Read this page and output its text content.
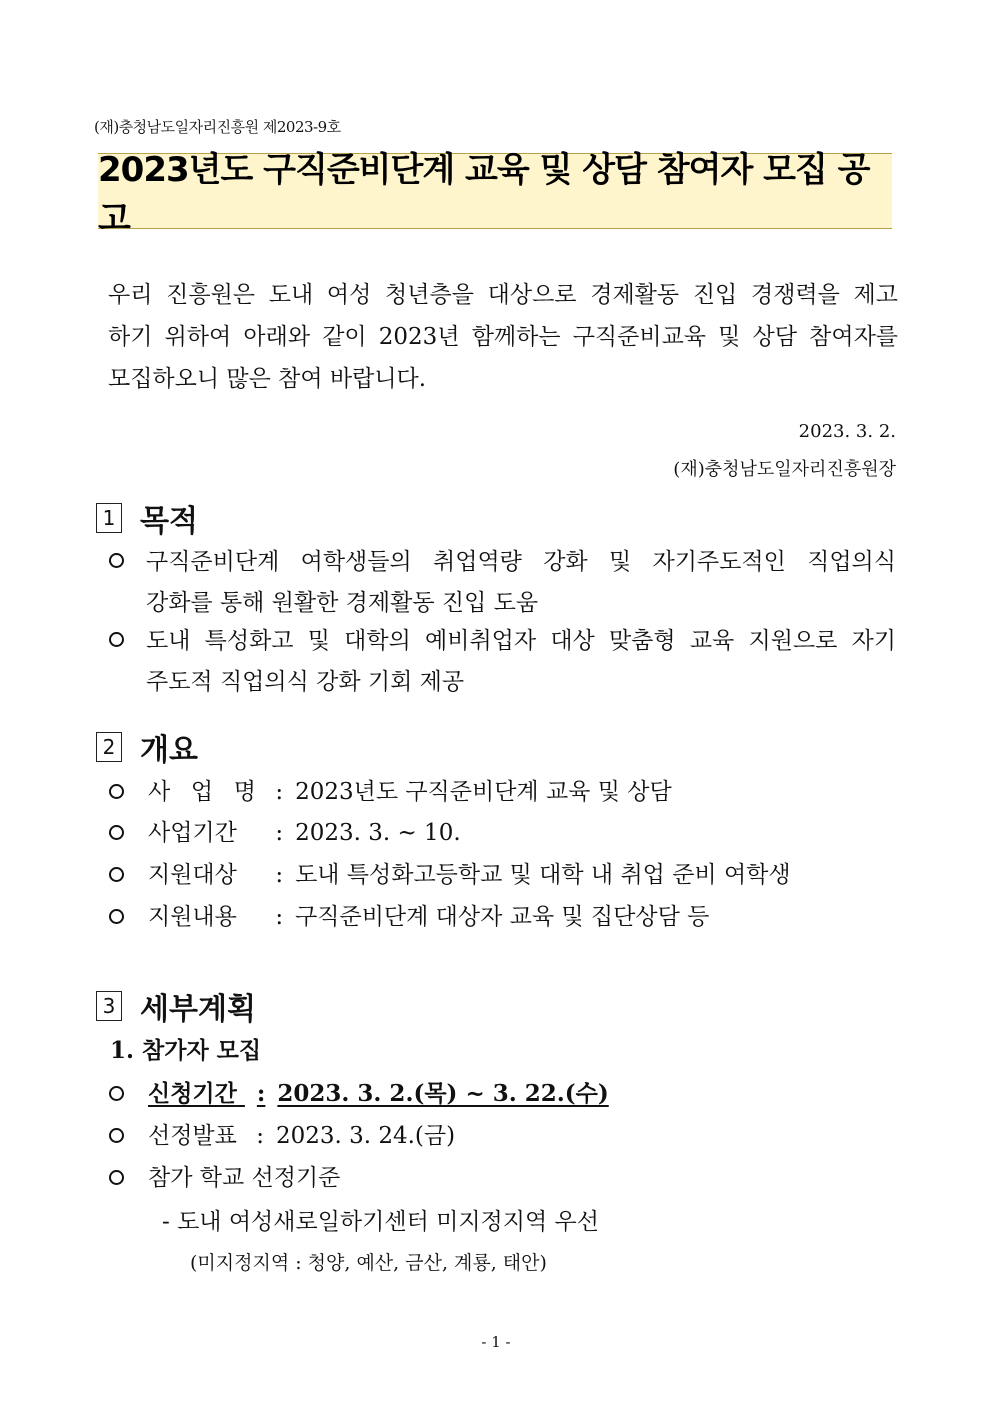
(재)충청남도일자리진흥원 제2023-9호
2023년도 구직준비단계 교육 및 상담 참여자 모집 공고
우리 진흥원은 도내 여성 청년층을 대상으로 경제활동 진입 경쟁력을 제고
하기 위하여 아래와 같이 2023년 함께하는 구직준비교육 및 상담 참여자를
모집하오니 많은 참여 바랍니다.
2023. 3. 2.
(재)충청남도일자리진흥원장
1 목적
구직준비단계 여학생들의 취업역량 강화 및 자기주도적인 직업의식
강화를 통해 원활한 경제활동 진입 도움
도내 특성화고 및 대학의 예비취업자 대상 맞춤형 교육 지원으로 자기
주도적 직업의식 강화 기회 제공
2 개요
사 업 명 : 2023년도 구직준비단계 교육 및 상담
사업기간 : 2023. 3. ~ 10.
지원대상 : 도내 특성화고등학교 및 대학 내 취업 준비 여학생
지원내용 : 구직준비단계 대상자 교육 및 집단상담 등
3 세부계획
1. 참가자 모집
신청기간 : 2023. 3. 2.(목) ~ 3. 22.(수)
선정발표 : 2023. 3. 24.(금)
참가 학교 선정기준
- 도내 여성새로일하기센터 미지정지역 우선
(미지정지역 : 청양, 예산, 금산, 계룡, 태안)
- 1 -
